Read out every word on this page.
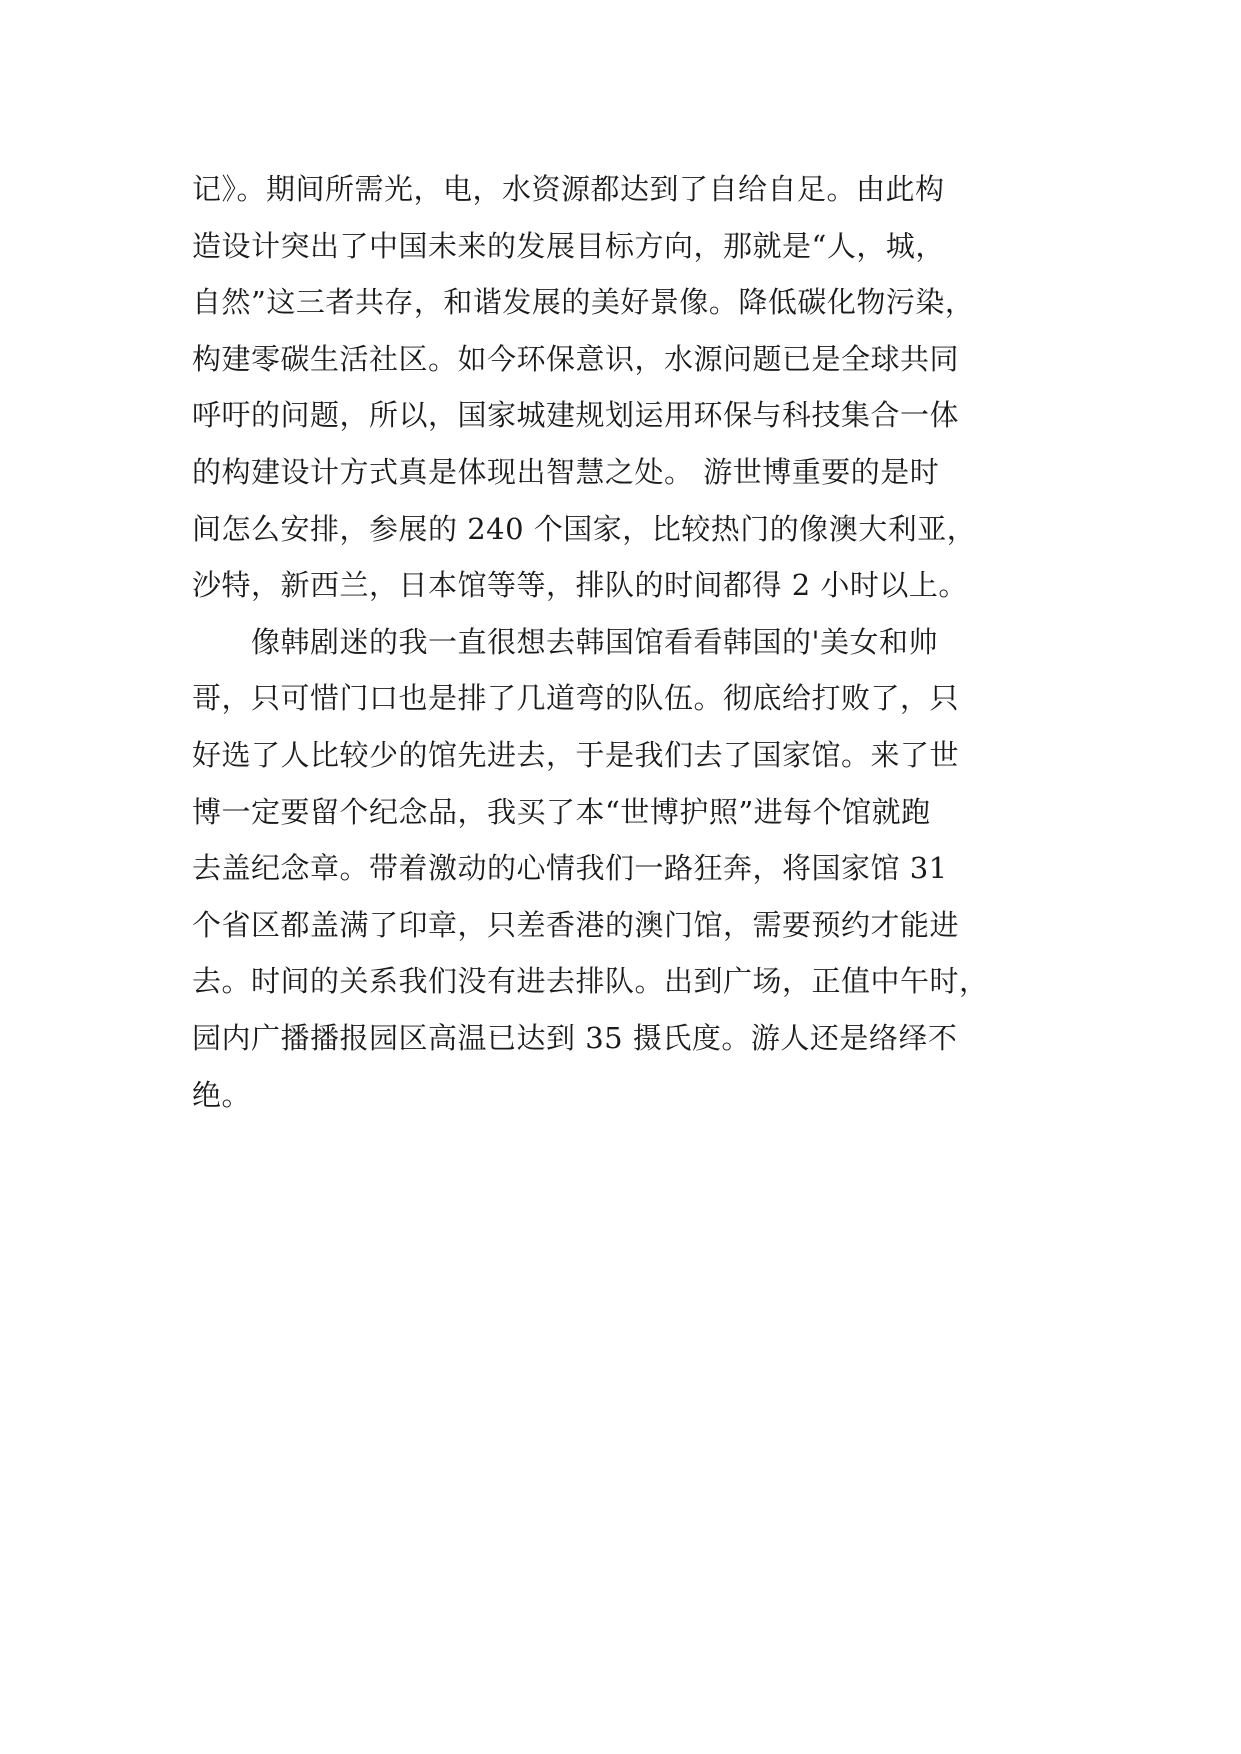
记》。期间所需光，电，水资源都达到了自给自足。由此构
造设计突出了中国未来的发展目标方向，那就是“人，城，
自然”这三者共存，和谐发展的美好景像。降低碳化物污染，
构建零碳生活社区。如今环保意识，水源问题已是全球共同
呼吁的问题，所以，国家城建规划运用环保与科技集合一体
的构建设计方式真是体现出智慧之处。 游世博重要的是时
间怎么安排，参展的 240 个国家，比较热门的像澳大利亚，
沙特，新西兰，日本馆等等，排队的时间都得 2 小时以上。
　　像韩剧迷的我一直很想去韩国馆看看韩国的'美女和帅
哥，只可惜门口也是排了几道弯的队伍。彻底给打败了，只
好选了人比较少的馆先进去，于是我们去了国家馆。来了世
博一定要留个纪念品，我买了本“世博护照”进每个馆就跑
去盖纪念章。带着激动的心情我们一路狂奔，将国家馆 31
个省区都盖满了印章，只差香港的澳门馆，需要预约才能进
去。时间的关系我们没有进去排队。出到广场，正值中午时，
园内广播播报园区高温已达到 35 摄氏度。游人还是络绎不
绝。
